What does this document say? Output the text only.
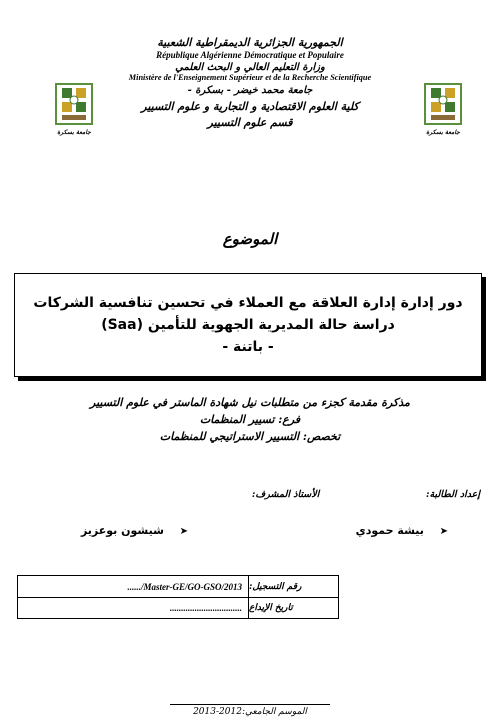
الجمهورية الجزائرية الديمقراطية الشعبية
République Algérienne Démocratique et Populaire
وزارة التعليم العالي و البحث العلمي
Ministère de l'Enseignement Supérieur et de la Recherche Scientifique
جامعة محمد خيضر - بسكرة -
كلية العلوم الاقتصادية و التجارية و علوم التسيير
قسم علوم التسيير
جامعة بسكرة	جامعة بسكرة
الموضوع
دور إدارة إدارة العلاقة مع العملاء في تحسين تنافسية الشركات
دراسة حالة المديرية الجهوية للتأمين (Saa)
- باتنة -
مذكرة مقدمة كجزء من متطلبات نيل شهادة الماستر في علوم التسيير
فرع: تسيير المنظمات
تخصص: التسيير الاستراتيجي للمنظمات
إعداد الطالبة:  الأستاذ المشرف:
➤  بيشة حمودي
➤  شيشون بوعزيز
رقم التسجيل:
....../Master-GE/GO-GSO/2013
تاريخ الإيداع
................................
الموسم الجامعي:2012-2013
